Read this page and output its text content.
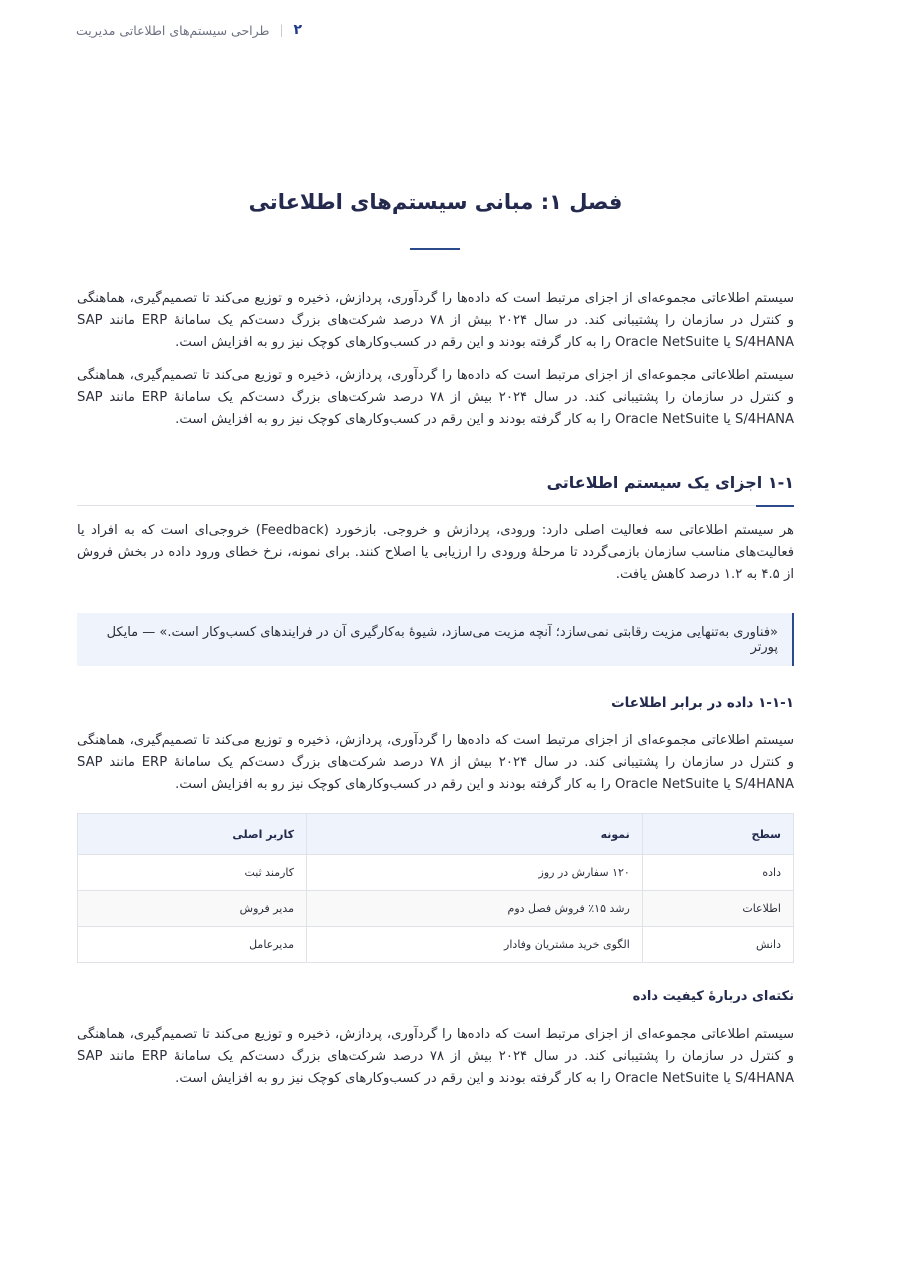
۲
|
طراحی سیستم‌های اطلاعاتی مدیریت
فصل ۱: مبانی سیستم‌های اطلاعاتی

سیستم اطلاعاتی مجموعه‌ای از اجزای مرتبط است که داده‌ها را گردآوری، پردازش، ذخیره و توزیع می‌کند تا تصمیم‌گیری، هماهنگی و کنترل در سازمان را پشتیبانی کند. در سال ۲۰۲۴ بیش از ۷۸ درصد شرکت‌های بزرگ دست‌کم یک سامانهٔ ERP مانند SAP S/4HANA یا Oracle NetSuite را به کار گرفته بودند و این رقم در کسب‌وکارهای کوچک نیز رو به افزایش است.

سیستم اطلاعاتی مجموعه‌ای از اجزای مرتبط است که داده‌ها را گردآوری، پردازش، ذخیره و توزیع می‌کند تا تصمیم‌گیری، هماهنگی و کنترل در سازمان را پشتیبانی کند. در سال ۲۰۲۴ بیش از ۷۸ درصد شرکت‌های بزرگ دست‌کم یک سامانهٔ ERP مانند SAP S/4HANA یا Oracle NetSuite را به کار گرفته بودند و این رقم در کسب‌وکارهای کوچک نیز رو به افزایش است.

۱-۱ اجزای یک سیستم اطلاعاتی

هر سیستم اطلاعاتی سه فعالیت اصلی دارد: ورودی، پردازش و خروجی. بازخورد (Feedback) خروجی‌ای است که به افراد یا فعالیت‌های مناسب سازمان بازمی‌گردد تا مرحلهٔ ورودی را ارزیابی یا اصلاح کنند. برای نمونه، نرخ خطای ورود داده در بخش فروش از ۴.۵ به ۱.۲ درصد کاهش یافت.

«فناوری به‌تنهایی مزیت رقابتی نمی‌سازد؛ آنچه مزیت می‌سازد، شیوهٔ به‌کارگیری آن در فرایندهای کسب‌وکار است.» — مایکل پورتر
۱-۱-۱ داده در برابر اطلاعات

سیستم اطلاعاتی مجموعه‌ای از اجزای مرتبط است که داده‌ها را گردآوری، پردازش، ذخیره و توزیع می‌کند تا تصمیم‌گیری، هماهنگی و کنترل در سازمان را پشتیبانی کند. در سال ۲۰۲۴ بیش از ۷۸ درصد شرکت‌های بزرگ دست‌کم یک سامانهٔ ERP مانند SAP S/4HANA یا Oracle NetSuite را به کار گرفته بودند و این رقم در کسب‌وکارهای کوچک نیز رو به افزایش است.

سطح	نمونه	کاربر اصلی
داده	۱۲۰ سفارش در روز	کارمند ثبت
اطلاعات	رشد ۱۵٪ فروش فصل دوم	مدیر فروش
دانش	الگوی خرید مشتریان وفادار	مدیرعامل
نکته‌ای دربارهٔ کیفیت داده

سیستم اطلاعاتی مجموعه‌ای از اجزای مرتبط است که داده‌ها را گردآوری، پردازش، ذخیره و توزیع می‌کند تا تصمیم‌گیری، هماهنگی و کنترل در سازمان را پشتیبانی کند. در سال ۲۰۲۴ بیش از ۷۸ درصد شرکت‌های بزرگ دست‌کم یک سامانهٔ ERP مانند SAP S/4HANA یا Oracle NetSuite را به کار گرفته بودند و این رقم در کسب‌وکارهای کوچک نیز رو به افزایش است.
